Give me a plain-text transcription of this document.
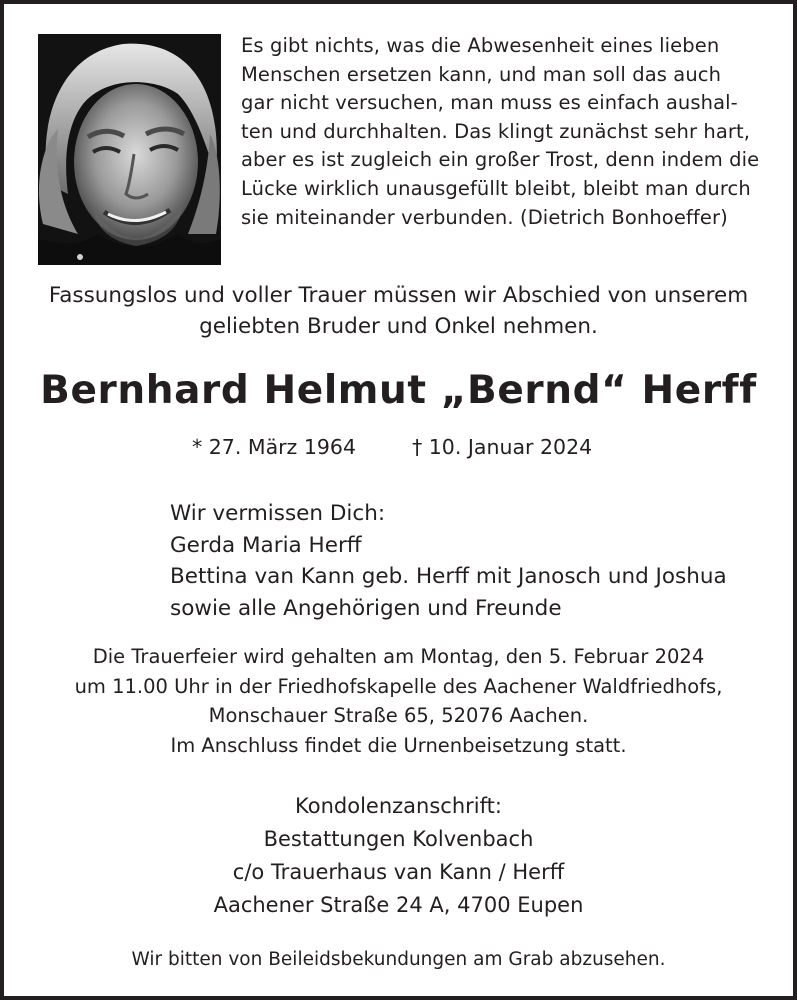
Es gibt nichts, was die Abwesenheit eines lieben
Menschen ersetzen kann, und man soll das auch
gar nicht versuchen, man muss es einfach aushal-
ten und durchhalten. Das klingt zunächst sehr hart,
aber es ist zugleich ein großer Trost, denn indem die
Lücke wirklich unausgefüllt bleibt, bleibt man durch
sie miteinander verbunden. (Dietrich Bonhoeffer)
Fassungslos und voller Trauer müssen wir Abschied von unserem
geliebten Bruder und Onkel nehmen.
Bernhard Helmut „Bernd“ Herff
* 27. März 1964	† 10. Januar 2024
Wir vermissen Dich:
Gerda Maria Herff
Bettina van Kann geb. Herff mit Janosch und Joshua
sowie alle Angehörigen und Freunde
Die Trauerfeier wird gehalten am Montag, den 5. Februar 2024
um 11.00 Uhr in der Friedhofskapelle des Aachener Waldfriedhofs,
Monschauer Straße 65, 52076 Aachen.
Im Anschluss findet die Urnenbeisetzung statt.
Kondolenzanschrift:
Bestattungen Kolvenbach
c/o Trauerhaus van Kann / Herff
Aachener Straße 24 A, 4700 Eupen
Wir bitten von Beileidsbekundungen am Grab abzusehen.
